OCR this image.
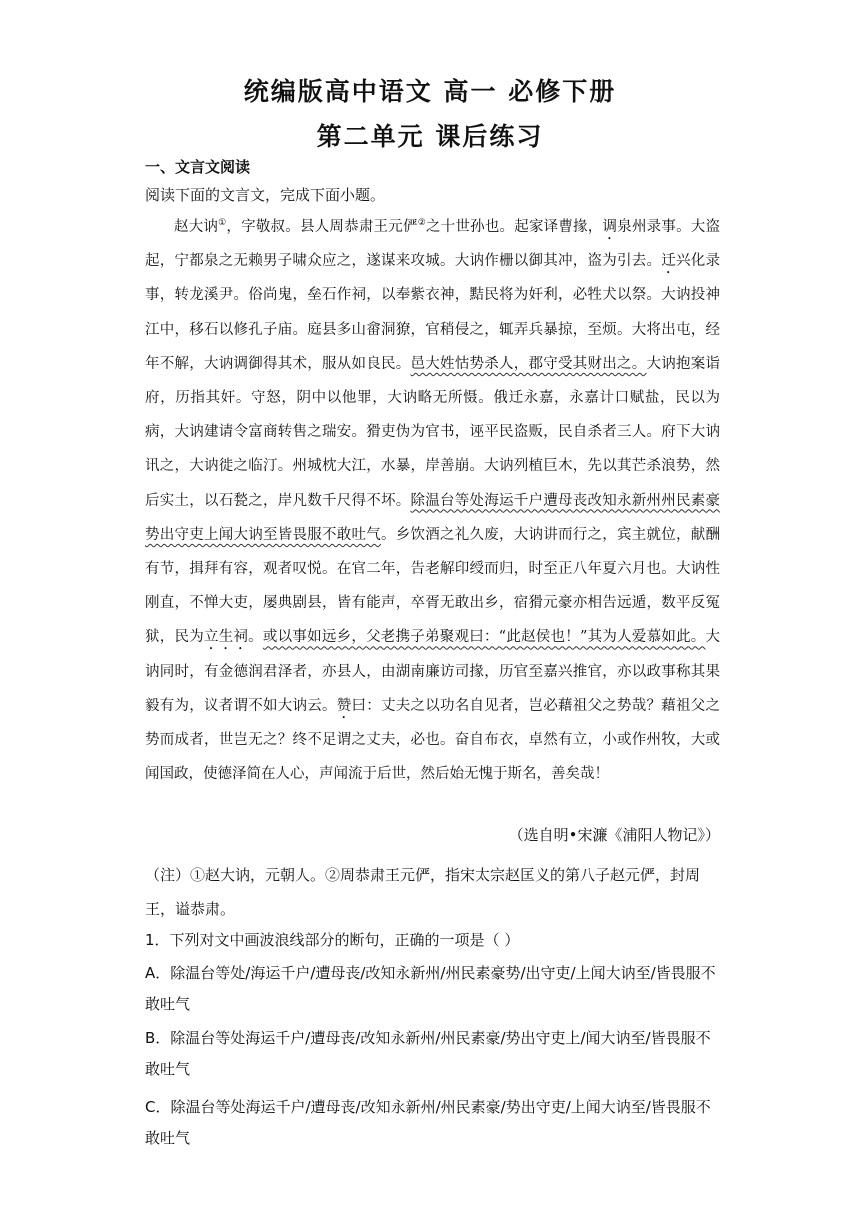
统编版高中语文 高一 必修下册
第二单元 课后练习
一、文言文阅读
阅读下面的文言文，完成下面小题。

赵大讷①，字敬叔。县人周恭肃王元俨②之十世孙也。起家译曹掾，调泉州录事。大盗起，宁都泉之无赖男子啸众应之，遂谋来攻城。大讷作栅以御其冲，盗为引去。迁兴化录事，转龙溪尹。俗尚鬼，垒石作祠，以奉紫衣神，黠民将为奸利，必牲犬以祭。大讷投神江中，移石以修孔子庙。庭县多山畲洞獠，官稍侵之，辄弄兵暴掠，至烦。大将出屯，经年不解，大讷调御得其术，服从如良民。邑大姓怙势杀人，郡守受其财出之。大讷抱案诣府，历指其奸。守怒，阴中以他罪，大讷略无所慑。俄迁永嘉，永嘉计口赋盐，民以为病，大讷建请令富商转售之瑞安。猾吏伪为官书，诬平民盗贩，民自杀者三人。府下大讷讯之，大讷徙之临汀。州城枕大江，水暴，岸善崩。大讷列植巨木，先以萁芒杀浪势，然后实土，以石甃之，岸凡数千尺得不坏。除温台等处海运千户遭母丧改知永新州州民素豪势出守吏上闻大讷至皆畏服不敢吐气。乡饮酒之礼久废，大讷讲而行之，宾主就位，献酬有节，揖拜有容，观者叹悦。在官二年，告老解印绶而归，时至正八年夏六月也。大讷性刚直，不惮大吏，屡典剧县，皆有能声，卒胥无敢出乡，宿猾元豪亦相告远遁，数平反冤狱，民为立生祠。或以事如远乡，父老携子弟聚观曰：“此赵侯也！”其为人爱慕如此。大讷同时，有金德润君泽者，亦县人，由湖南廉访司掾，历官至嘉兴推官，亦以政事称其果毅有为，议者谓不如大讷云。赞曰：丈夫之以功名自见者，岂必藉祖父之势哉？藉祖父之势而成者，世岂无之？终不足谓之丈夫，必也。奋自布衣，卓然有立，小或作州牧，大或闻国政，使德泽简在人心，声闻流于后世，然后始无愧于斯名，善矣哉！

（选自明•宋濂《浦阳人物记》）
（注）①赵大讷，元朝人。②周恭肃王元俨，指宋太宗赵匡义的第八子赵元俨，封周王，谥恭肃。
1．下列对文中画波浪线部分的断句，正确的一项是（ ）
A．除温台等处/海运千户/遭母丧/改知永新州/州民素豪势/出守吏/上闻大讷至/皆畏服不敢吐气
B．除温台等处海运千户/遭母丧/改知永新州/州民素豪/势出守吏上/闻大讷至/皆畏服不敢吐气
C．除温台等处海运千户/遭母丧/改知永新州/州民素豪/势出守吏/上闻大讷至/皆畏服不敢吐气
